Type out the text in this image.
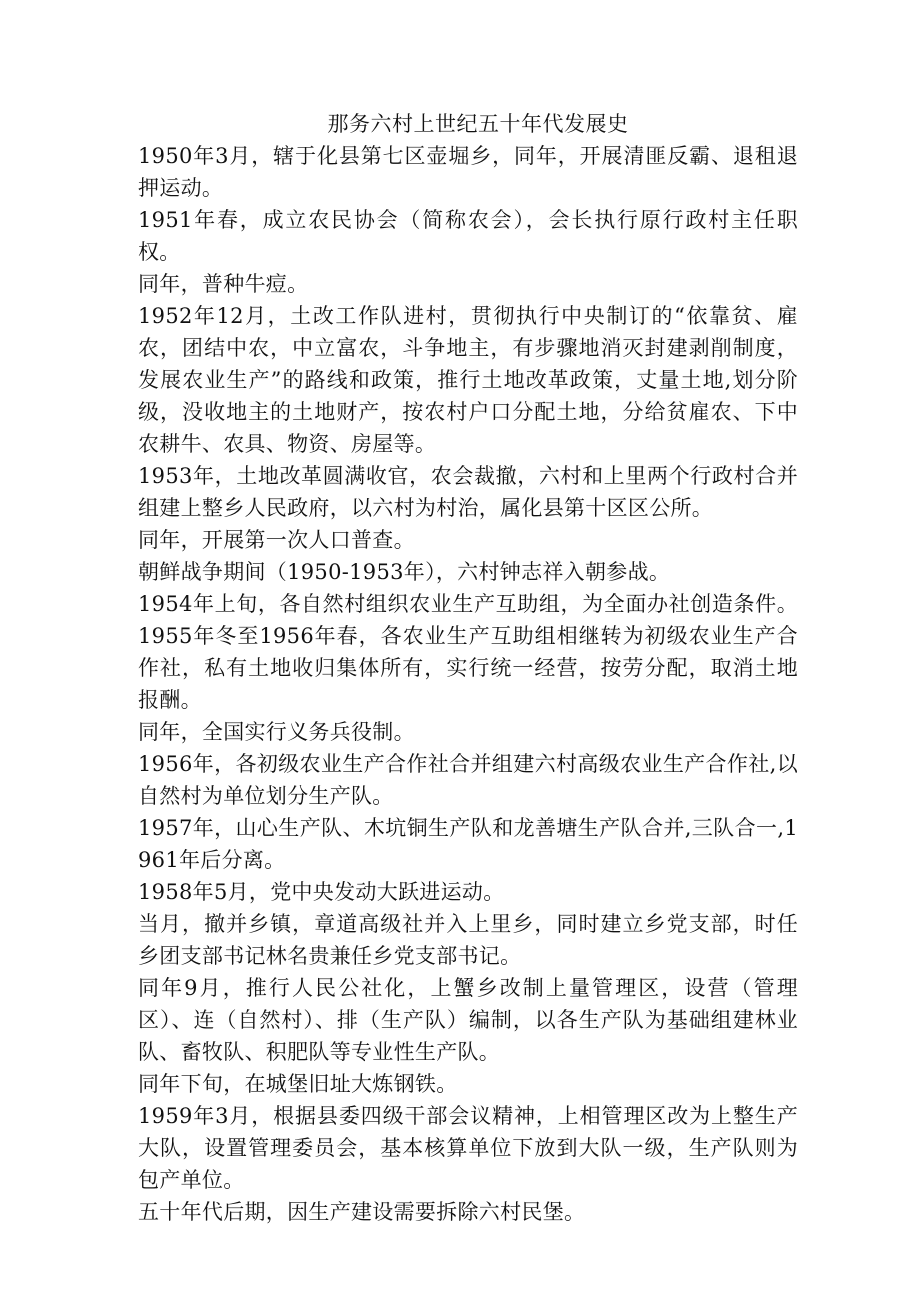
那务六村上世纪五十年代发展史

1950年3月，辖于化县第七区壶堀乡，同年，开展清匪反霸、退租退押运动。

1951年春，成立农民协会（简称农会），会长执行原行政村主任职权。

同年，普种牛痘。

1952年12月，土改工作队进村，贯彻执行中央制订的“依靠贫、雇农，团结中农，中立富农，斗争地主，有步骤地消灭封建剥削制度，发展农业生产”的路线和政策，推行土地改革政策，丈量土地,划分阶级，没收地主的土地财产，按农村户口分配土地，分给贫雇农、下中农耕牛、农具、物资、房屋等。

1953年，土地改革圆满收官，农会裁撤，六村和上里两个行政村合并组建上整乡人民政府，以六村为村治，属化县第十区区公所。

同年，开展第一次人口普查。

朝鲜战争期间（1950-1953年），六村钟志祥入朝参战。

1954年上旬，各自然村组织农业生产互助组，为全面办社创造条件。1955年冬至1956年春，各农业生产互助组相继转为初级农业生产合作社，私有土地收归集体所有，实行统一经营，按劳分配，取消土地报酬。

同年，全国实行义务兵役制。

1956年，各初级农业生产合作社合并组建六村高级农业生产合作社,以自然村为单位划分生产队。

1957年，山心生产队、木坑铜生产队和龙善塘生产队合并,三队合一,1961年后分离。

1958年5月，党中央发动大跃进运动。

当月，撤并乡镇，章道高级社并入上里乡，同时建立乡党支部，时任乡团支部书记林名贵兼任乡党支部书记。

同年9月，推行人民公社化，上蟹乡改制上量管理区，设营（管理区）、连（自然村）、排（生产队）编制，以各生产队为基础组建林业队、畜牧队、积肥队等专业性生产队。

同年下旬，在城堡旧址大炼钢铁。

1959年3月，根据县委四级干部会议精神，上相管理区改为上整生产大队，设置管理委员会，基本核算单位下放到大队一级，生产队则为包产单位。

五十年代后期，因生产建设需要拆除六村民堡。
